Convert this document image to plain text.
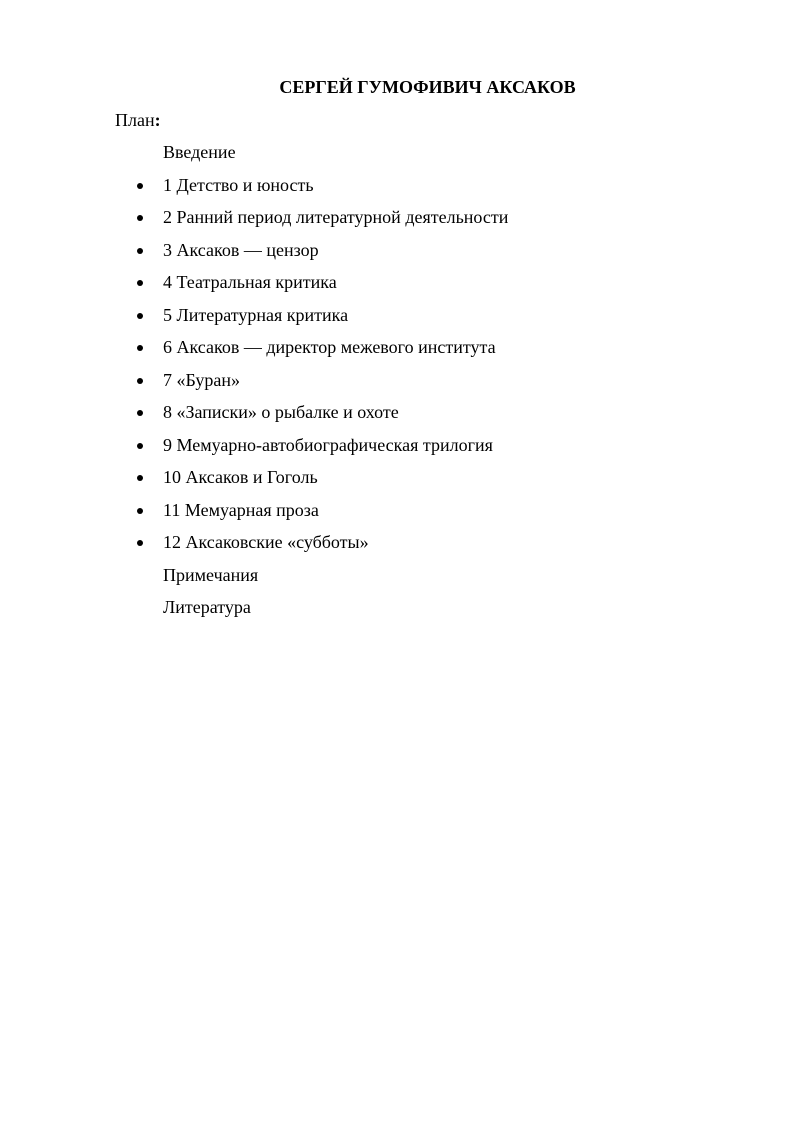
СЕРГЕЙ ГУМОФИВИЧ АКСАКОВ

План:

Введение
1 Детство и юность
2 Ранний период литературной деятельности
3 Аксаков — цензор
4 Театральная критика
5 Литературная критика
6 Аксаков — директор межевого института
7 «Буран»
8 «Записки» о рыбалке и охоте
9 Мемуарно-автобиографическая трилогия
10 Аксаков и Гоголь
11 Мемуарная проза
12 Аксаковские «субботы»
Примечания
Литература
